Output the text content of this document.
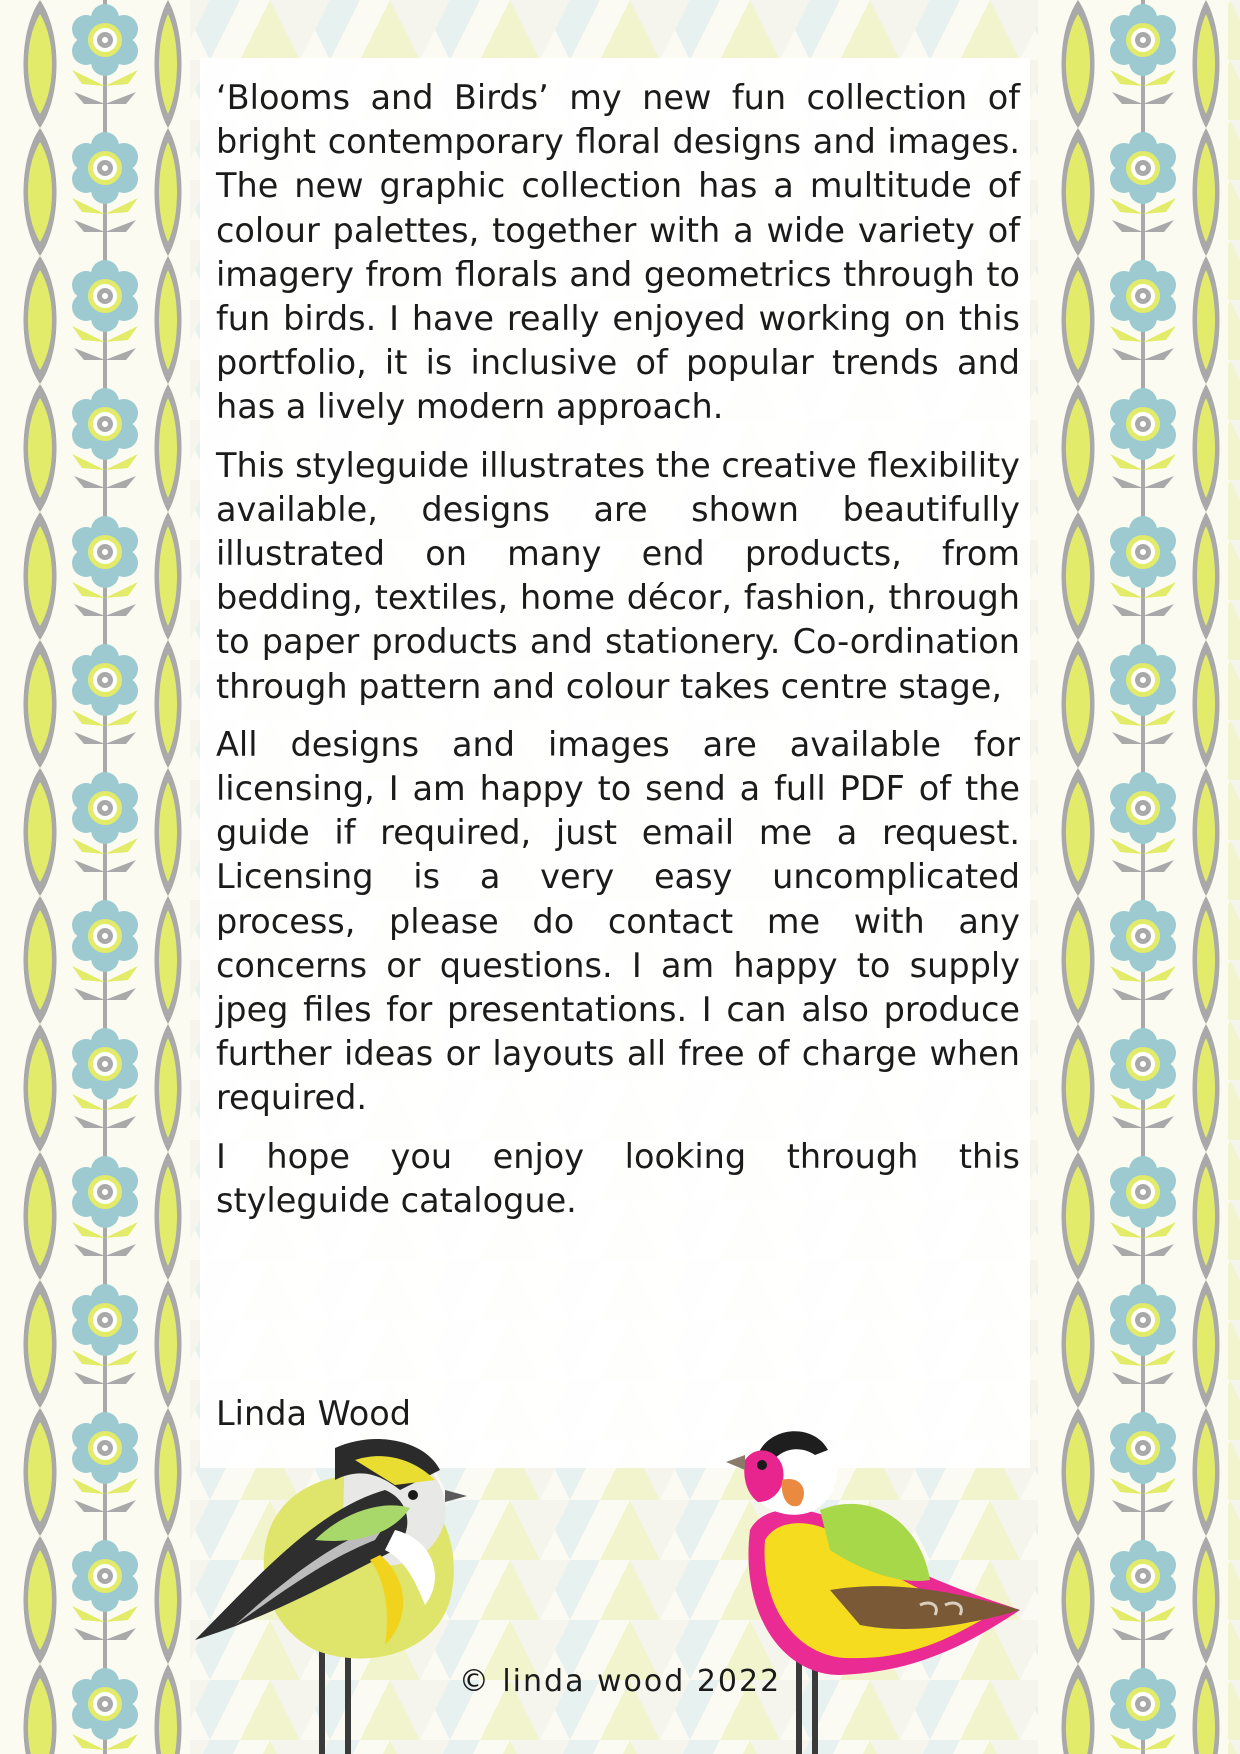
‘Blooms and Birds’ my new fun collection of bright contemporary floral designs and images. The new graphic collection has a multitude of colour palettes, together with a wide variety of imagery from florals and geometrics through to fun birds. I have really enjoyed working on this portfolio, it is inclusive of popular trends and has a lively modern approach.

This styleguide illustrates the creative flexibility available, designs are shown beautifully illustrated on many end products, from bedding, textiles, home décor, fashion, through to paper products and stationery. Co-ordination through pattern and colour takes centre stage,

All designs and images are available for licensing, I am happy to send a full PDF of the guide if required, just email me a request. Licensing is a very easy uncomplicated process, please do contact me with any concerns or questions. I am happy to supply jpeg files for presentations. I can also produce further ideas or layouts all free of charge when required.

I hope you enjoy looking through this styleguide catalogue.

Linda Wood
© linda wood 2022
